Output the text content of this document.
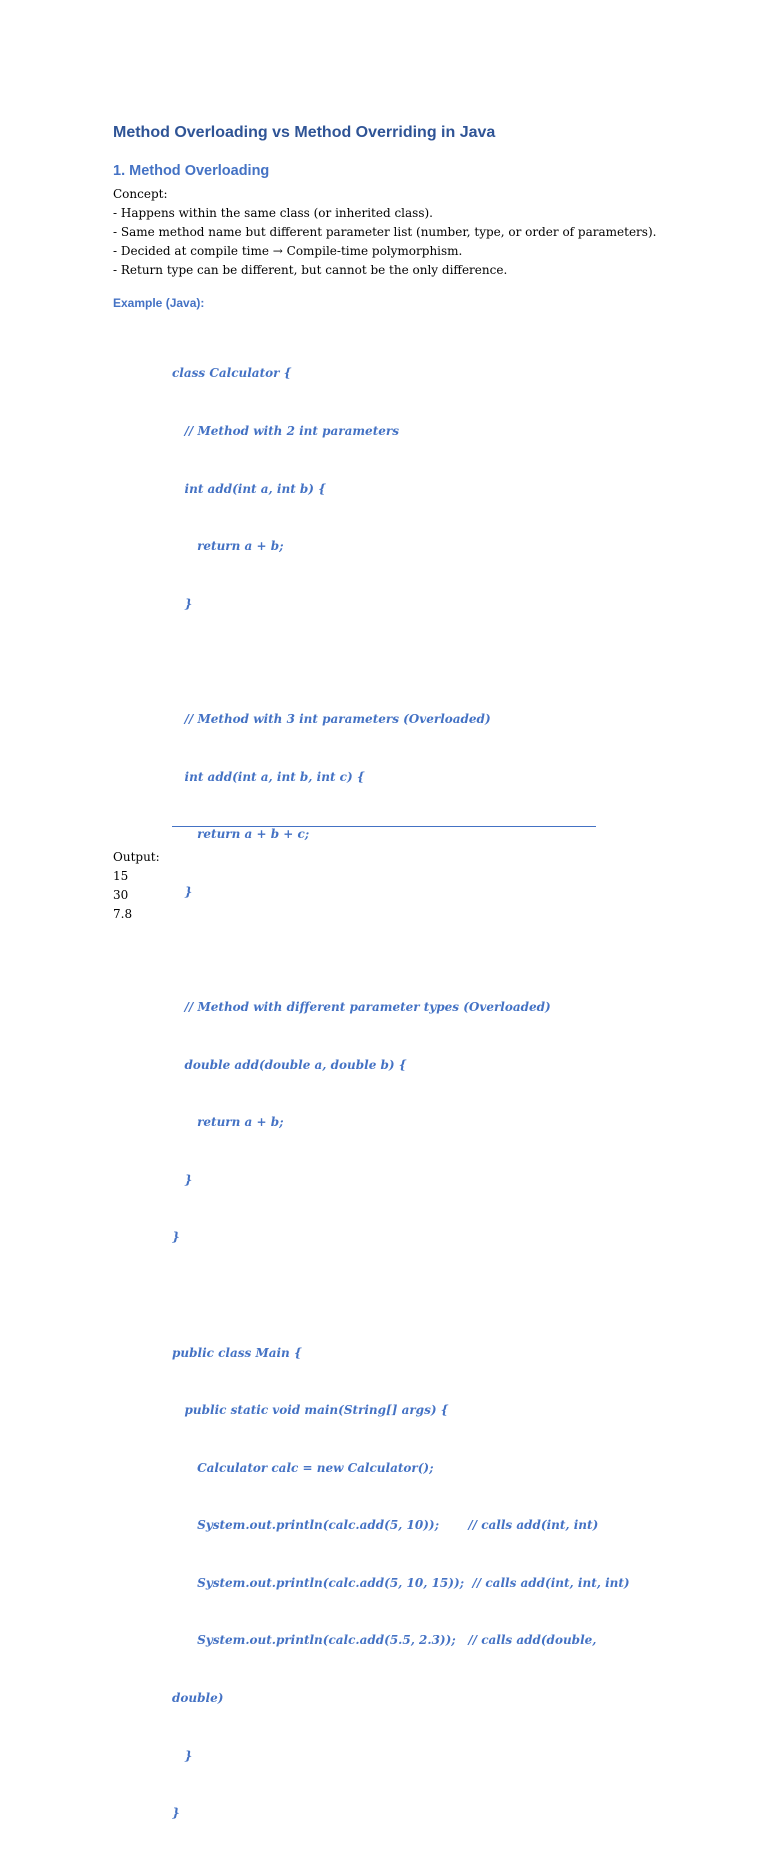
Method Overloading vs Method Overriding in Java
1. Method Overloading
Concept:
- Happens within the same class (or inherited class).
- Same method name but different parameter list (number, type, or order of parameters).
- Decided at compile time → Compile-time polymorphism.
- Return type can be different, but cannot be the only difference.
Example (Java):

class Calculator {

// Method with 2 int parameters

int add(int a, int b) {

return a + b;

}

// Method with 3 int parameters (Overloaded)

int add(int a, int b, int c) {

return a + b + c;

}

// Method with different parameter types (Overloaded)

double add(double a, double b) {

return a + b;

}

}

public class Main {

public static void main(String[] args) {

Calculator calc = new Calculator();

System.out.println(calc.add(5, 10));       // calls add(int, int)

System.out.println(calc.add(5, 10, 15));  // calls add(int, int, int)

System.out.println(calc.add(5.5, 2.3));   // calls add(double,

double)

}

}

Output:
15
30
7.8
